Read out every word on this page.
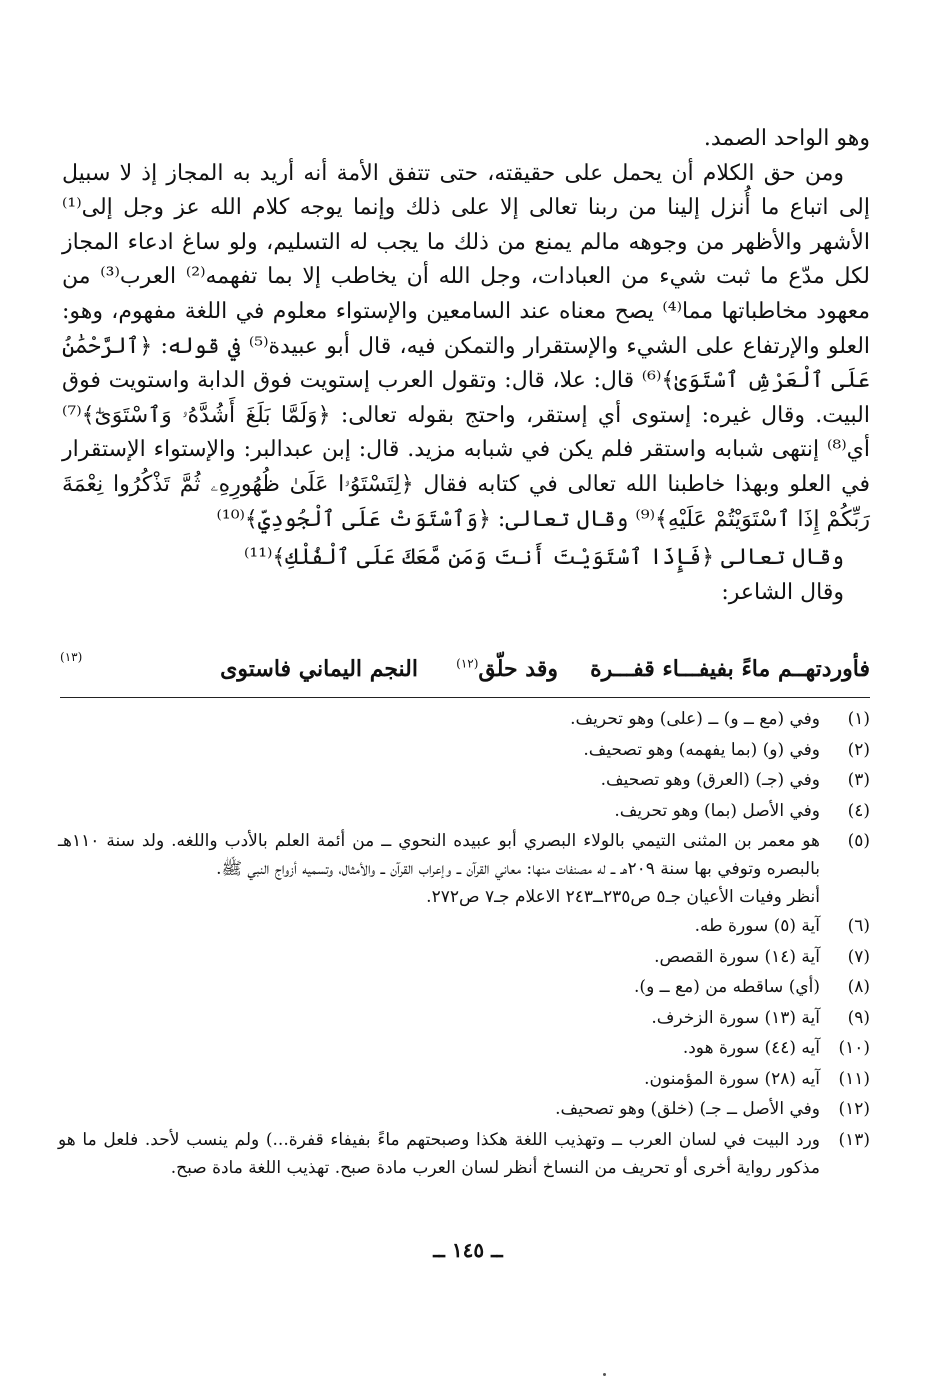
وهو الواحد الصمد.

ومن حق الكلام أن يحمل على حقيقته، حتى تتفق الأمة أنه أريد به المجاز إذ لا سبيل إلى اتباع ما أُنزل إلينا من ربنا تعالى إلا على ذلك وإنما يوجه كلام الله عز وجل إلى⁽¹⁾ الأشهر والأظهر من وجوهه مالم يمنع من ذلك ما يجب له التسليم، ولو ساغ ادعاء المجاز لكل مدّع ما ثبت شيء من العبادات، وجل الله أن يخاطب إلا بما تفهمه⁽²⁾ العرب⁽³⁾ من معهود مخاطباتها مما⁽⁴⁾ يصح معناه عند السامعين والإستواء معلوم في اللغة مفهوم، وهو: العلو والإرتفاع على الشيء والإستقرار والتمكن فيه، قال أبو عبيدة⁽⁵⁾ في قوله: ﴿ٱلرَّحْمَٰنُ عَلَى ٱلْعَرْشِ ٱسْتَوَىٰ﴾⁽⁶⁾ قال: علا، قال: وتقول العرب إستويت فوق الدابة واستويت فوق البيت. وقال غيره: إستوى أي إستقر، واحتج بقوله تعالى: ﴿وَلَمَّا بَلَغَ أَشُدَّهُۥ وَٱسْتَوَىٰٓ﴾⁽⁷⁾ أي⁽⁸⁾ إنتهى شبابه واستقر فلم يكن في شبابه مزيد. قال: إبن عبدالبر: والإستواء الإستقرار في العلو وبهذا خاطبنا الله تعالى في كتابه فقال ﴿لِتَسْتَوُۥا عَلَىٰ ظُهُورِهِۦ ثُمَّ تَذْكُرُوا نِعْمَةَ رَبِّكُمْ إِذَا ٱسْتَوَيْتُمْ عَلَيْهِ﴾⁽⁹⁾ وقال تعالى: ﴿وَٱسْتَوَتْ عَلَى ٱلْجُودِيِّ﴾⁽¹⁰⁾

وقال تعالى ﴿فَإِذَا ٱسْتَوَيْتَ أَنتَ وَمَن مَّعَكَ عَلَى ٱلْفُلْكِ﴾⁽¹¹⁾

وقال الشاعر:

فأوردتهــم ماءً بفيفـــاء قفـــرة
وقد حلّق$^{(١٢)}$
النجم اليماني فاستوى
(١٣)
(١)
وفي (مع ــ و) ــ (على) وهو تحريف.
(٢)
وفي (و) (بما يفهمه) وهو تصحيف.
(٣)
وفي (جـ) (العرق) وهو تصحيف.
(٤)
وفي الأصل (بما) وهو تحريف.
(٥)
هو معمر بن المثنى التيمي بالولاء البصري أبو عبيده النحوي ــ من أئمة العلم بالأدب واللغه. ولد سنة ١١٠هـ بالبصره وتوفي بها سنة ٢٠٩هـ ــ له مصنفات منها: معاني القرآن ــ وإعراب القرآن ــ والأمثال، وتسميه أزواج النبي ﷺ.
أنظر وفيات الأعيان جـ٥ ص٢٣٥ــ٢٤٣ الاعلام جـ٧ ص٢٧٢.
(٦)
آية (٥) سورة طه.
(٧)
آية (١٤) سورة القصص.
(٨)
(أي) ساقطه من (مع ــ و).
(٩)
آية (١٣) سورة الزخرف.
(١٠)
آيه (٤٤) سورة هود.
(١١)
آيه (٢٨) سورة المؤمنون.
(١٢)
وفي الأصل ــ جـ) (خلق) وهو تصحيف.
(١٣)
ورد البيت في لسان العرب ــ وتهذيب اللغة هكذا وصبحتهم ماءً بفيفاء قفرة...) ولم ينسب لأحد. فلعل ما هو مذكور رواية أخرى أو تحريف من النساخ أنظر لسان العرب مادة صبح. تهذيب اللغة مادة صبح.
ــ ١٤٥ ــ
